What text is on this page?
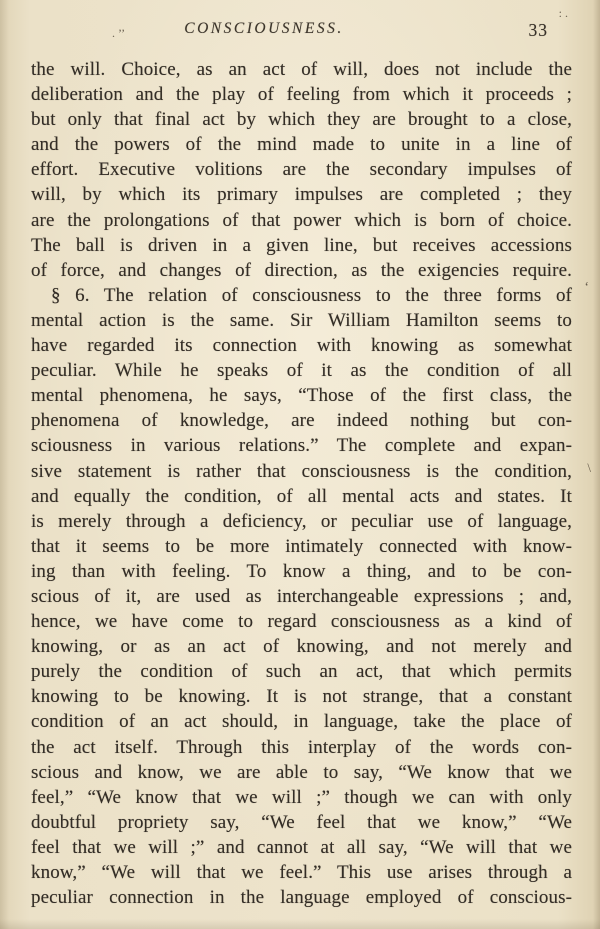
CONSCIOUSNESS.	33
. ’’
: .
‘
\
the will. Choice, as an act of will, does not include the
deliberation and the play of feeling from which it proceeds ;
but only that final act by which they are brought to a close,
and the powers of the mind made to unite in a line of
effort. Executive volitions are the secondary impulses of
will, by which its primary impulses are completed ; they
are the prolongations of that power which is born of choice.
The ball is driven in a given line, but receives accessions
of force, and changes of direction, as the exigencies require.
§ 6. The relation of consciousness to the three forms of
mental action is the same. Sir William Hamilton seems to
have regarded its connection with knowing as somewhat
peculiar. While he speaks of it as the condition of all
mental phenomena, he says, “Those of the first class, the
phenomena of knowledge, are indeed nothing but con-
sciousness in various relations.” The complete and expan-
sive statement is rather that consciousness is the condition,
and equally the condition, of all mental acts and states. It
is merely through a deficiency, or peculiar use of language,
that it seems to be more intimately connected with know-
ing than with feeling. To know a thing, and to be con-
scious of it, are used as interchangeable expressions ; and,
hence, we have come to regard consciousness as a kind of
knowing, or as an act of knowing, and not merely and
purely the condition of such an act, that which permits
knowing to be knowing. It is not strange, that a constant
condition of an act should, in language, take the place of
the act itself. Through this interplay of the words con-
scious and know, we are able to say, “We know that we
feel,” “We know that we will ;” though we can with only
doubtful propriety say, “We feel that we know,” “We
feel that we will ;” and cannot at all say, “We will that we
know,” “We will that we feel.” This use arises through a
peculiar connection in the language employed of conscious-
